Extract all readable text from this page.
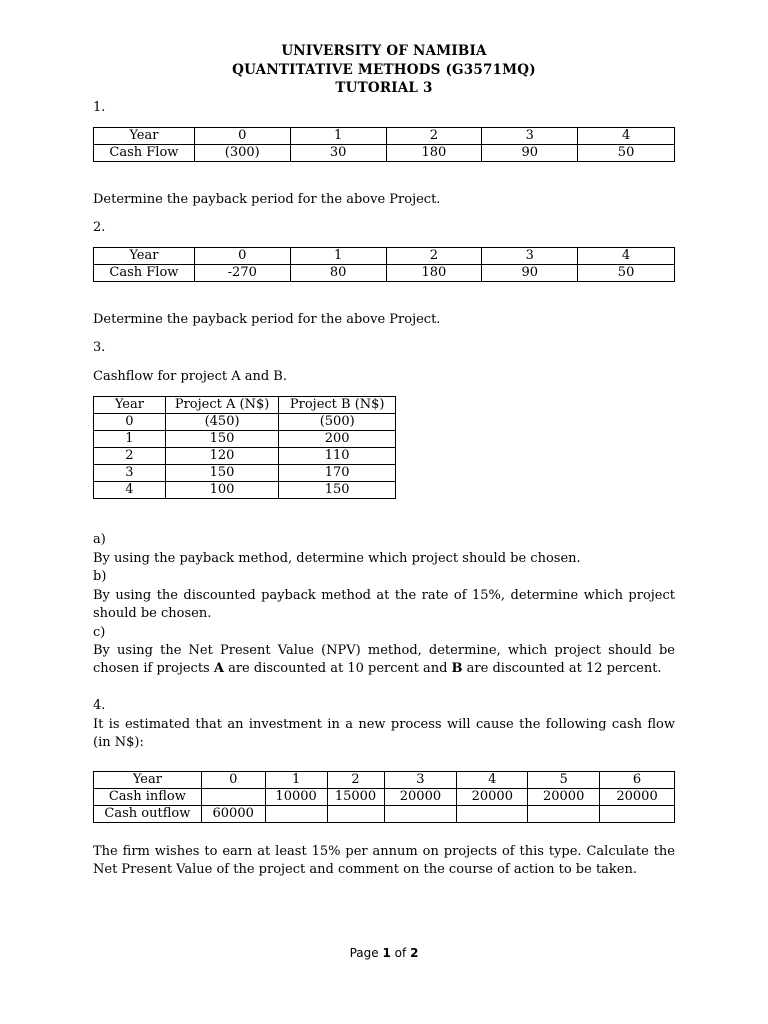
UNIVERSITY OF NAMIBIA
QUANTITATIVE METHODS (G3571MQ)
TUTORIAL 3
1.
Year	0	1	2	3	4
Cash Flow	(300)	30	180	90	50
Determine the payback period for the above Project.
2.
Year	0	1	2	3	4
Cash Flow	-270	80	180	90	50
Determine the payback period for the above Project.
3.
Cashflow for project A and B.
Year	Project A (N$)	Project B (N$)
0	(450)	(500)
1	150	200
2	120	110
3	150	170
4	100	150
a)
By using the payback method, determine which project should be chosen.
b)
By using the discounted payback method at the rate of 15%, determine which project should be chosen.
c)
By using the Net Present Value (NPV) method, determine, which project should be chosen if projects A are discounted at 10 percent and B are discounted at 12 percent.
4.
It is estimated that an investment in a new process will cause the following cash flow (in N$):
Year	0	1	2	3	4	5	6
Cash inflow		10000	15000	20000	20000	20000	20000
Cash outflow	60000						
The firm wishes to earn at least 15% per annum on projects of this type. Calculate the Net Present Value of the project and comment on the course of action to be taken.
Page 1 of 2
